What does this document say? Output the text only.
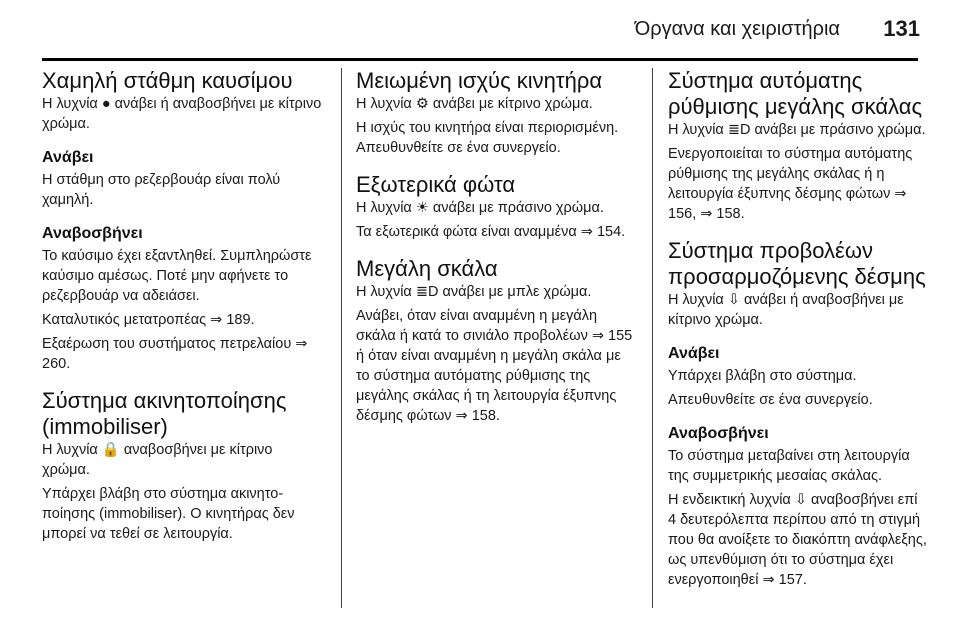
Όργανα και χειριστήρια 131
Χαμηλή στάθμη καυσίμου

Η λυχνία ● ανάβει ή αναβοσβήνει με κίτρινο χρώμα.

Ανάβει

Η στάθμη στο ρεζερβουάρ είναι πολύ χαμηλή.

Αναβοσβήνει

Το καύσιμο έχει εξαντληθεί. Συμπληρώστε καύσιμο αμέσως. Ποτέ μην αφήνετε το ρεζερβουάρ να αδειάσει.

Καταλυτικός μετατροπέας ⇒ 189.

Εξαέρωση του συστήματος πετρελαίου ⇒ 260.

Σύστημα ακινητοποίησης (immobiliser)

Η λυχνία 🔒 αναβοσβήνει με κίτρινο χρώμα.

Υπάρχει βλάβη στο σύστημα ακινητοποίησης (immobiliser). Ο κινητήρας δεν μπορεί να τεθεί σε λειτουργία.

Μειωμένη ισχύς κινητήρα

Η λυχνία ⚙ ανάβει με κίτρινο χρώμα.

Η ισχύς του κινητήρα είναι περιορισμένη. Απευθυνθείτε σε ένα συνεργείο.

Εξωτερικά φώτα

Η λυχνία ☀ ανάβει με πράσινο χρώμα.

Τα εξωτερικά φώτα είναι αναμμένα ⇒ 154.

Μεγάλη σκάλα

Η λυχνία ≣D ανάβει με μπλε χρώμα.

Ανάβει, όταν είναι αναμμένη η μεγάλη σκάλα ή κατά το σινιάλο προβολέων ⇒ 155 ή όταν είναι αναμμένη η μεγάλη σκάλα με το σύστημα αυτόματης ρύθμισης της μεγάλης σκάλας ή τη λειτουργία έξυπνης δέσμης φώτων ⇒ 158.

Σύστημα αυτόματης ρύθμισης μεγάλης σκάλας

Η λυχνία ≣D ανάβει με πράσινο χρώμα.

Ενεργοποιείται το σύστημα αυτόματης ρύθμισης της μεγάλης σκάλας ή η λειτουργία έξυπνης δέσμης φώτων ⇒ 156, ⇒ 158.

Σύστημα προβολέων προσαρμοζόμενης δέσμης

Η λυχνία ⇩ ανάβει ή αναβοσβήνει με κίτρινο χρώμα.

Ανάβει

Υπάρχει βλάβη στο σύστημα.

Απευθυνθείτε σε ένα συνεργείο.

Αναβοσβήνει

Το σύστημα μεταβαίνει στη λειτουργία της συμμετρικής μεσαίας σκάλας.

Η ενδεικτική λυχνία ⇩ αναβοσβήνει επί 4 δευτερόλεπτα περίπου από τη στιγμή που θα ανοίξετε το διακόπτη ανάφλεξης, ως υπενθύμιση ότι το σύστημα έχει ενεργοποιηθεί ⇒ 157.
